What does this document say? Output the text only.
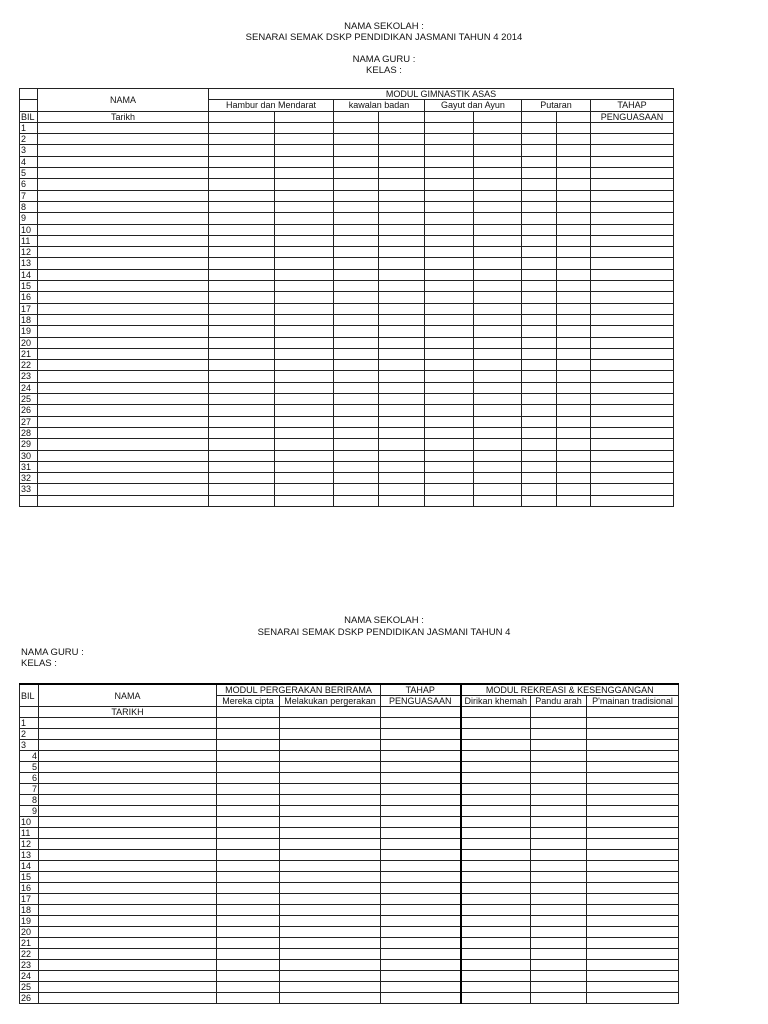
NAMA SEKOLAH :
SENARAI SEMAK DSKP PENDIDIKAN JASMANI TAHUN 4 2014
NAMA GURU :
KELAS :
	NAMA	MODUL GIMNASTIK ASAS								
		Hambur dan Mendarat		kawalan badan		Gayut dan Ayun		Putaran		TAHAP
BIL	Tarikh									PENGUASAAN
1										
2										
3										
4										
5										
6										
7										
8										
9										
10										
11										
12										
13										
14										
15										
16										
17										
18										
19										
20										
21										
22										
23										
24										
25										
26										
27										
28										
29										
30										
31										
32										
33										

NAMA SEKOLAH :
SENARAI SEMAK DSKP PENDIDIKAN JASMANI TAHUN 4
NAMA GURU :
KELAS :
BIL	NAMA	MODUL PERGERAKAN BERIRAMA		TAHAP	MODUL REKREASI & KESENGGANGAN		
		Mereka cipta	Melakukan pergerakan	PENGUASAAN	Dirikan khemah	Pandu arah	P'mainan tradisional
	TARIKH						
1							
2							
3							
4							
5							
6							
7							
8							
9							
10							
11							
12							
13							
14							
15							
16							
17							
18							
19							
20							
21							
22							
23							
24							
25							
26							
